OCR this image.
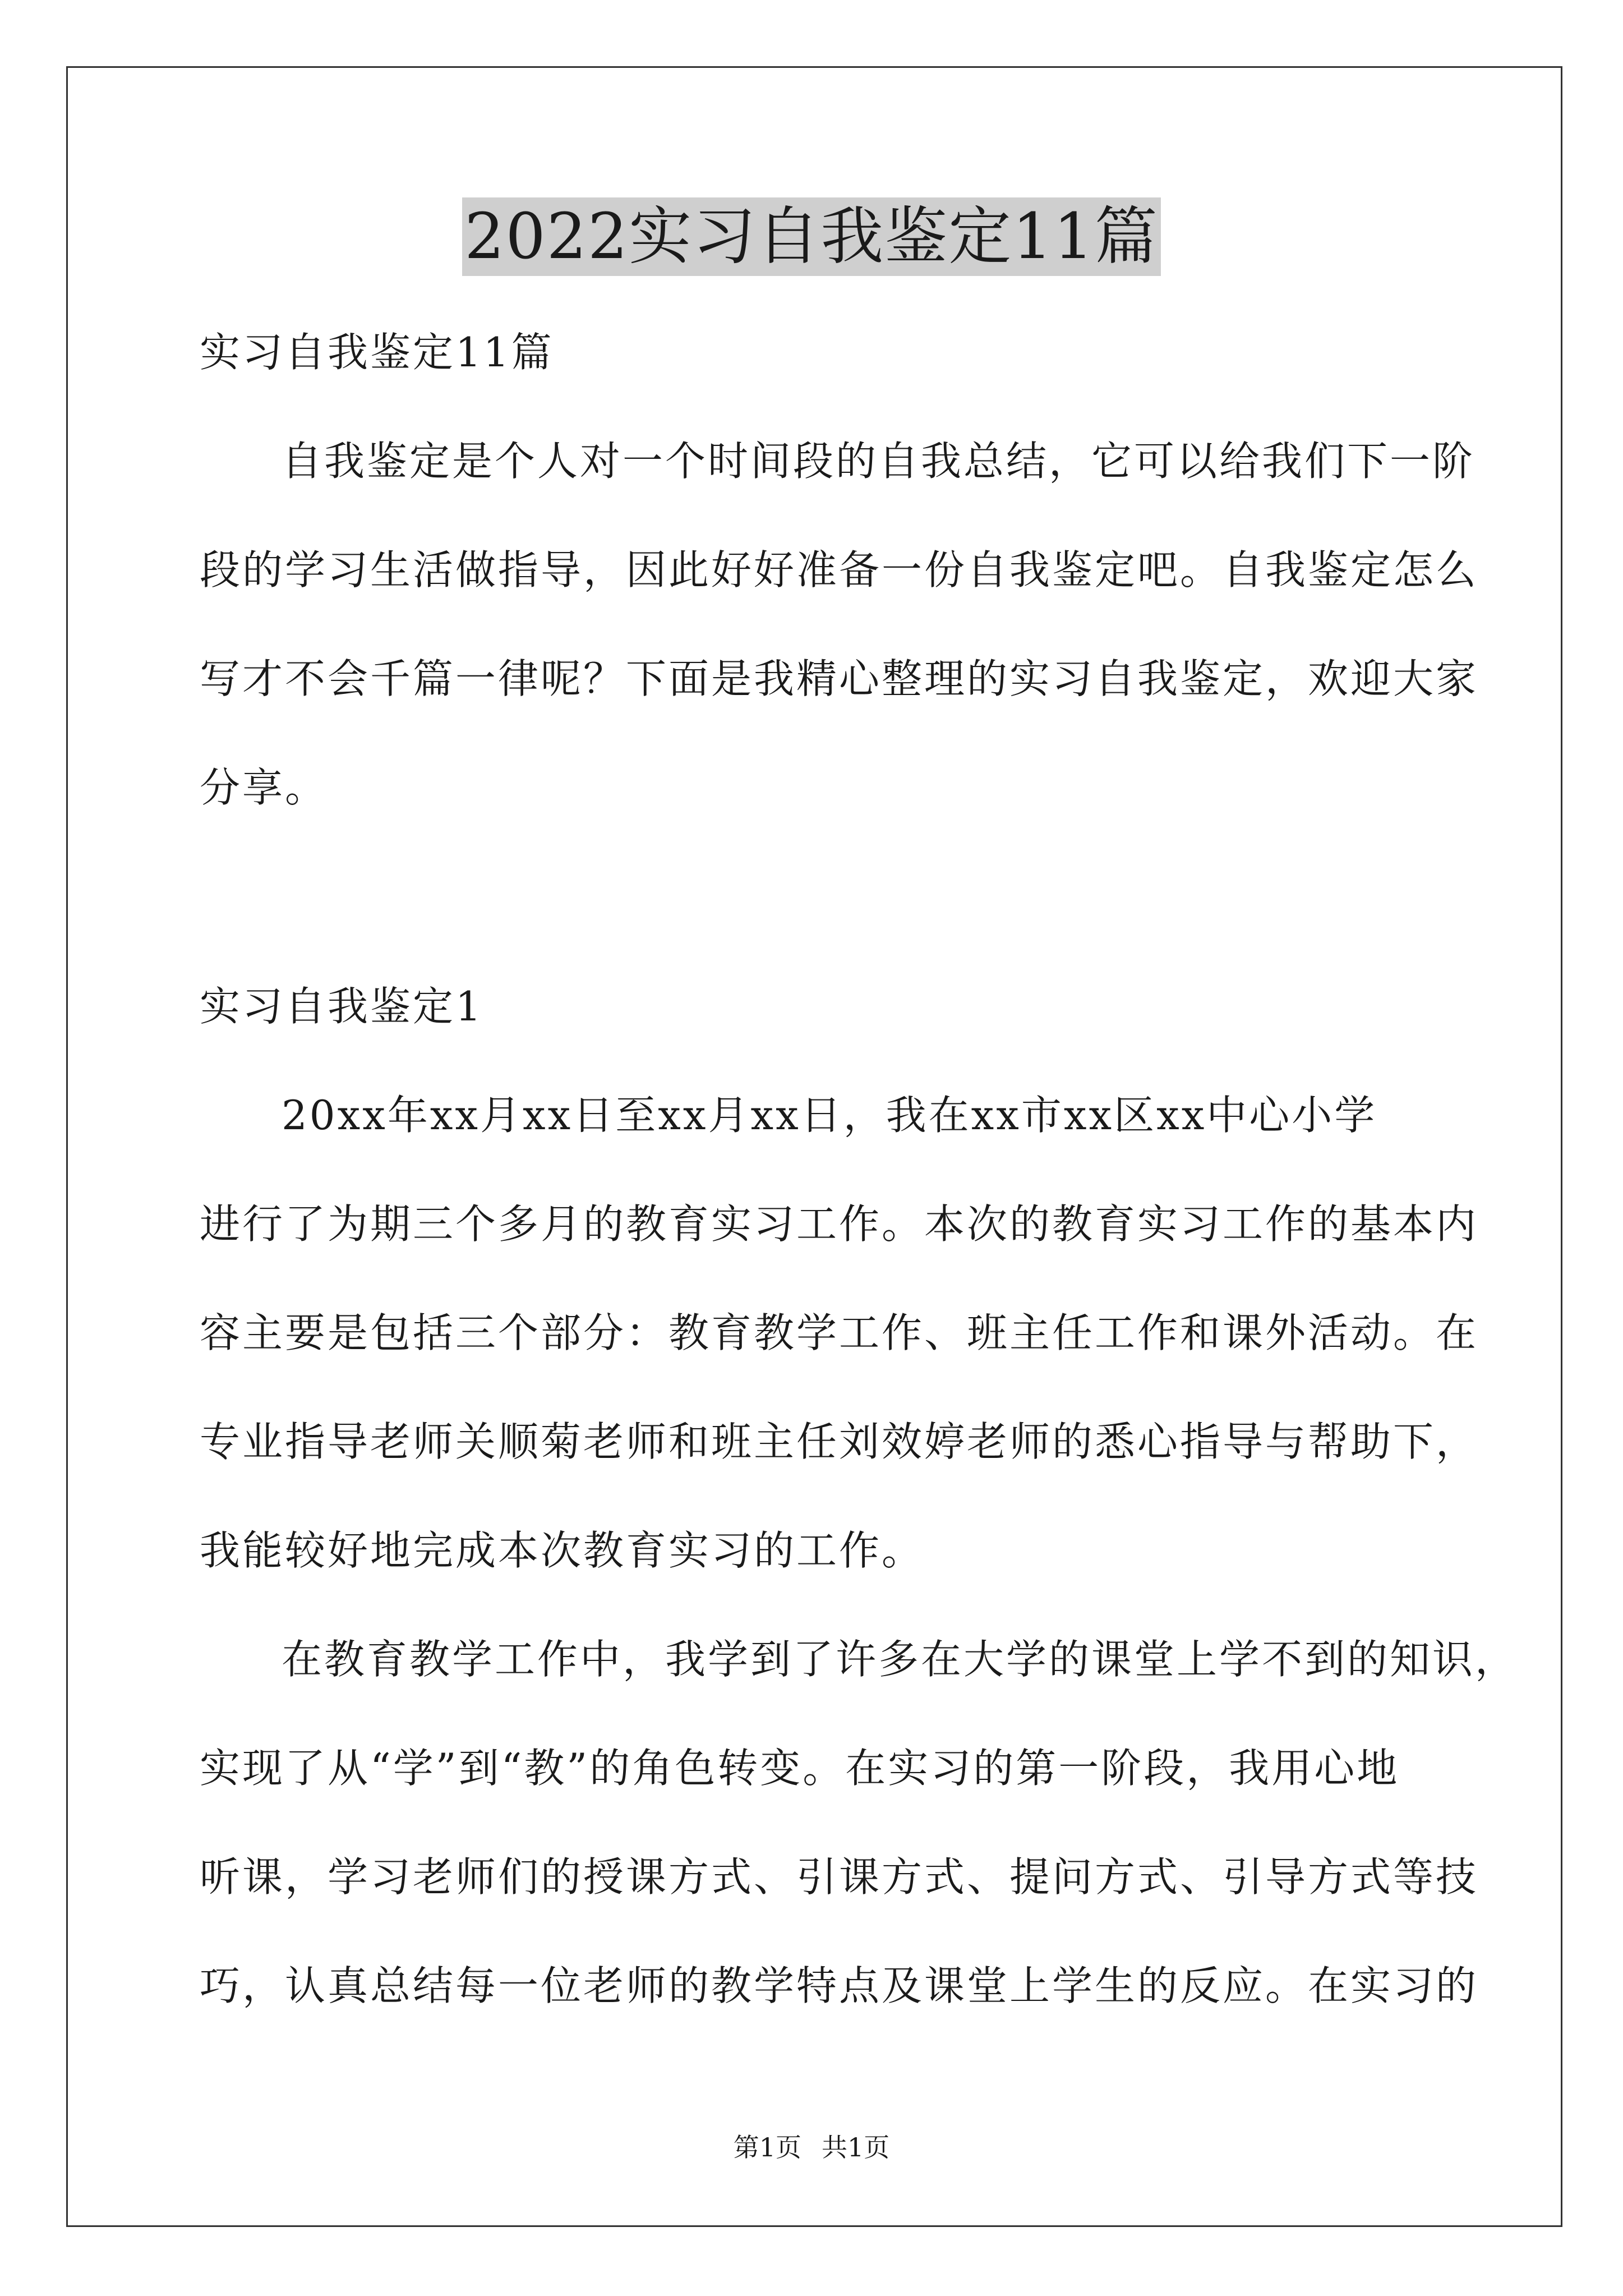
2022实习自我鉴定11篇
实习自我鉴定11篇
自我鉴定是个人对一个时间段的自我总结，它可以给我们下一阶
段的学习生活做指导，因此好好准备一份自我鉴定吧。自我鉴定怎么
写才不会千篇一律呢？下面是我精心整理的实习自我鉴定，欢迎大家
分享。
实习自我鉴定1
20xx年xx月xx日至xx月xx日，我在xx市xx区xx中心小学
进行了为期三个多月的教育实习工作。本次的教育实习工作的基本内
容主要是包括三个部分：教育教学工作、班主任工作和课外活动。在
专业指导老师关顺菊老师和班主任刘效婷老师的悉心指导与帮助下，
我能较好地完成本次教育实习的工作。
在教育教学工作中，我学到了许多在大学的课堂上学不到的知识，
实现了从“学”到“教”的角色转变。在实习的第一阶段，我用心地
听课，学习老师们的授课方式、引课方式、提问方式、引导方式等技
巧，认真总结每一位老师的教学特点及课堂上学生的反应。在实习的
第1页 共1页
